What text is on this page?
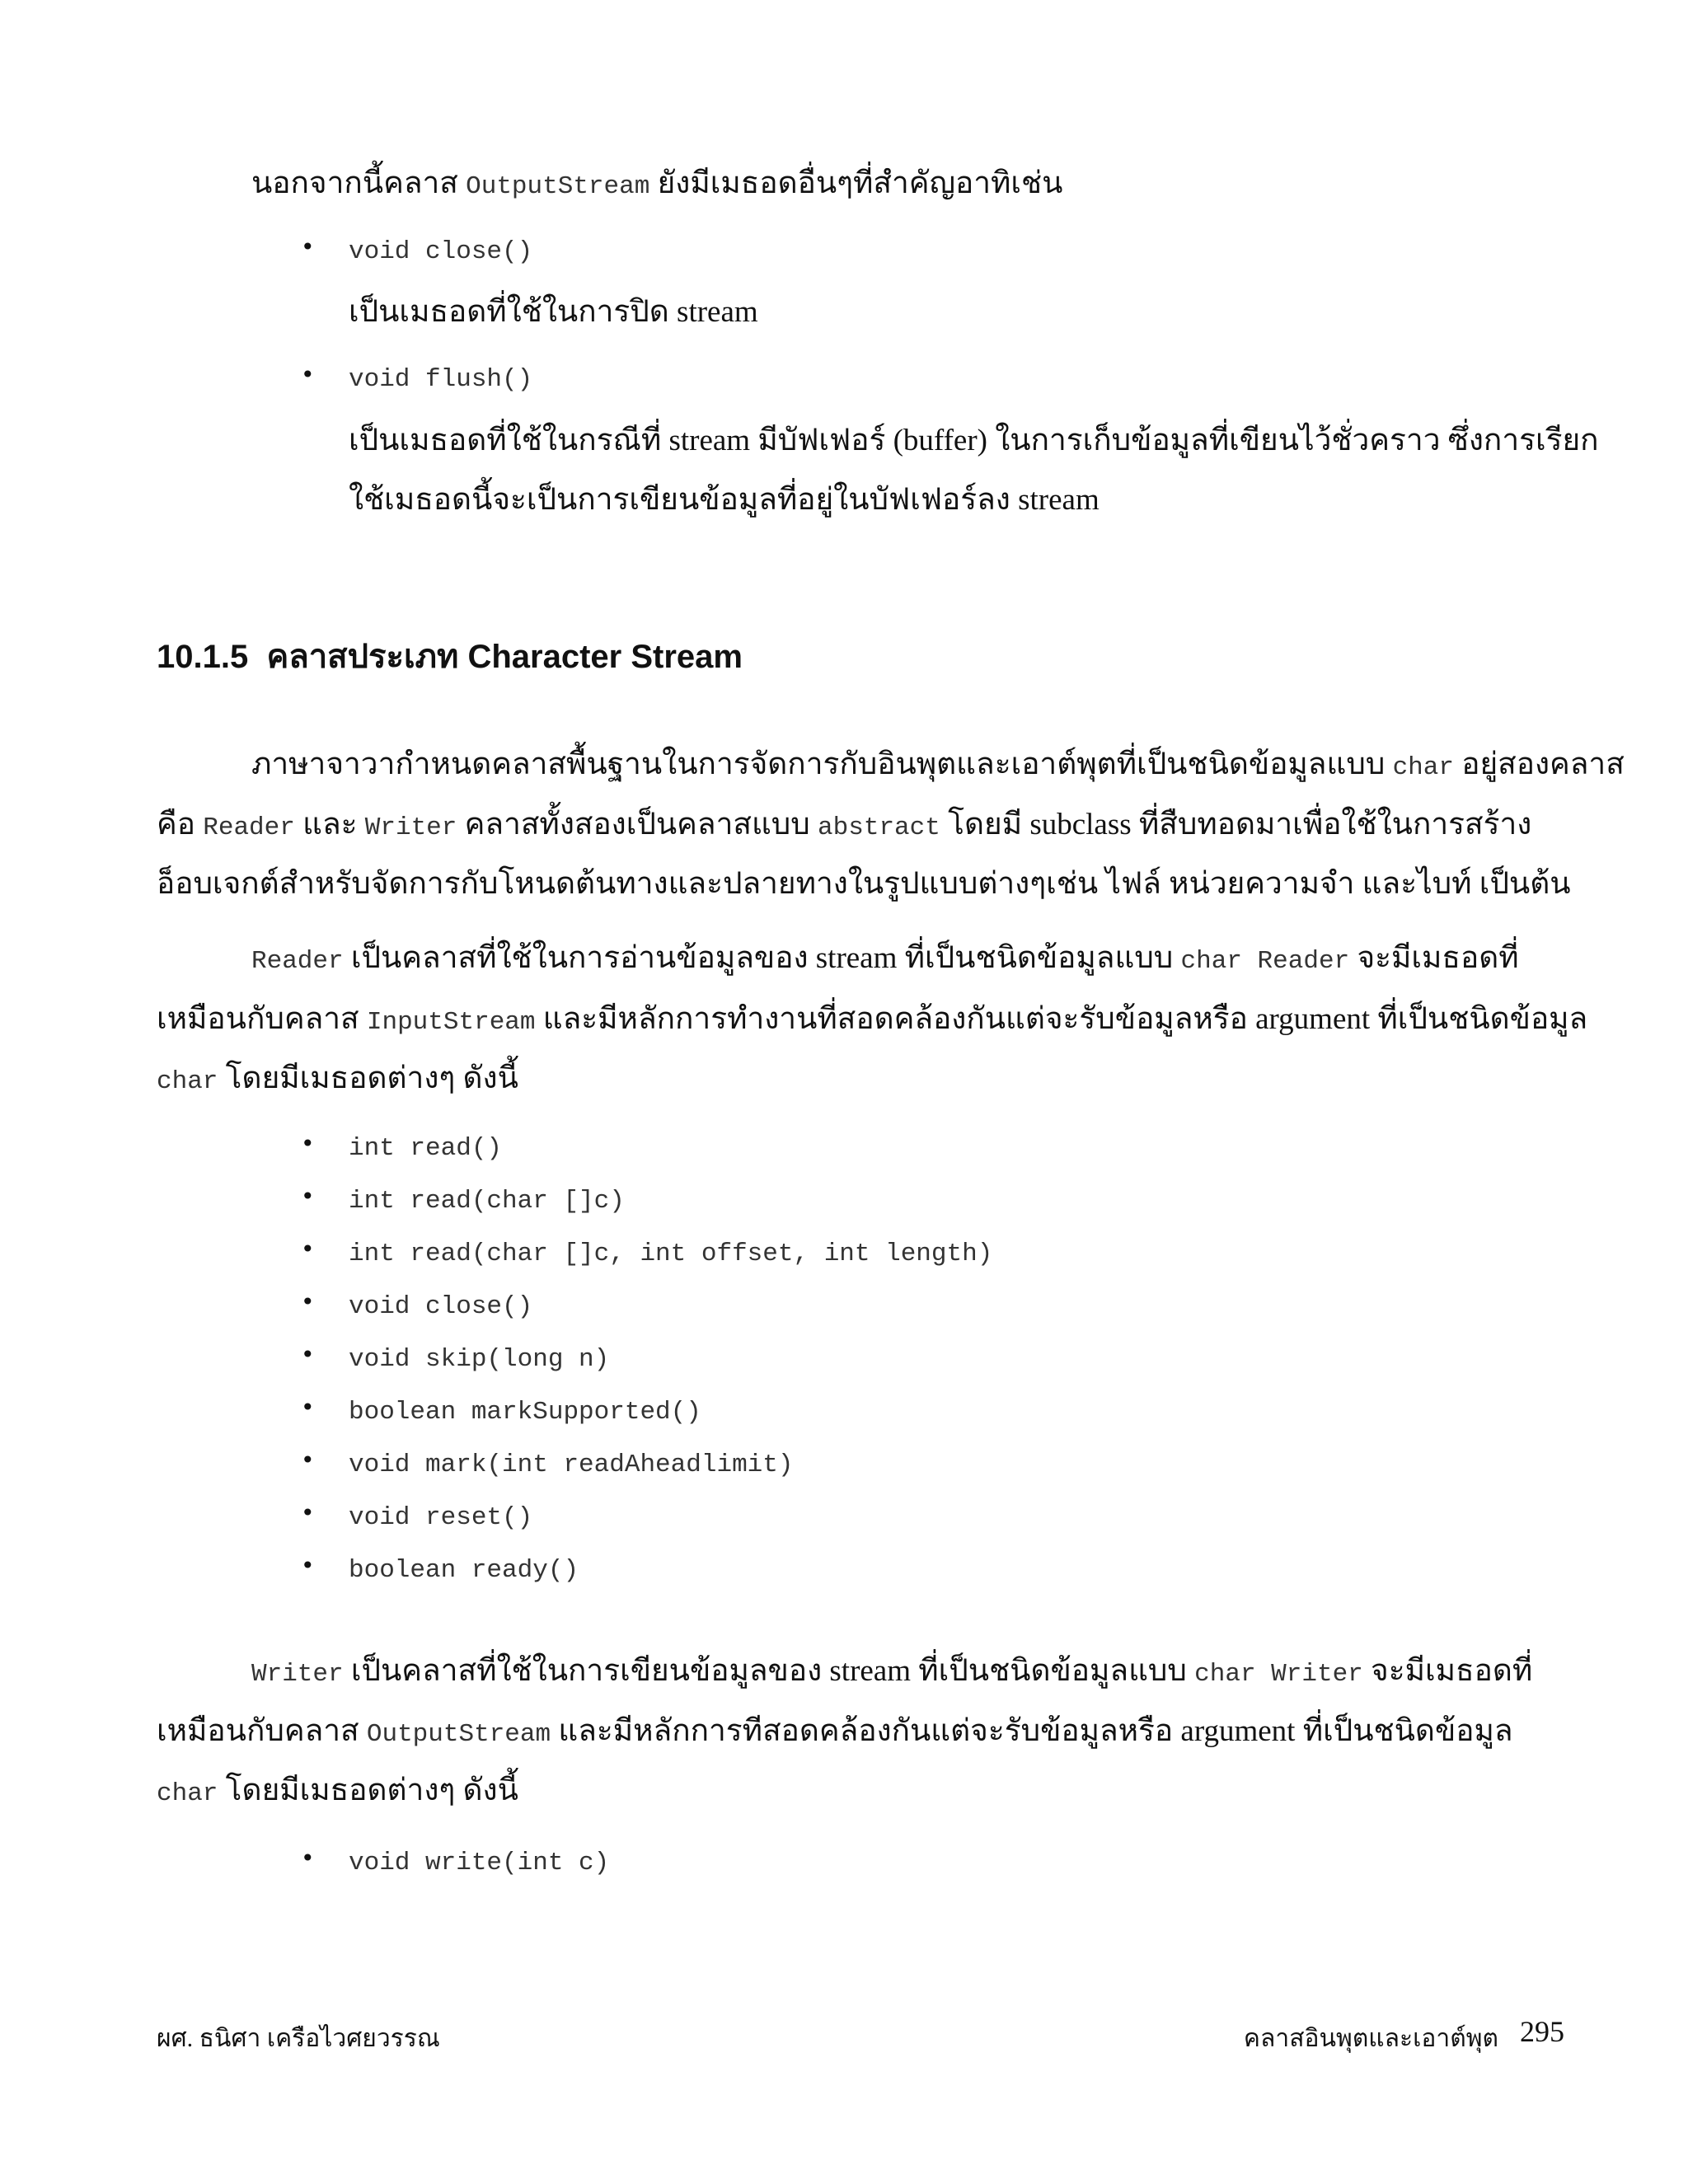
นอกจากนี้คลาส OutputStream ยังมีเมธอดอื่นๆที่สำคัญอาทิเช่น
• void close()
เป็นเมธอดที่ใช้ในการปิด stream
• void flush()
เป็นเมธอดที่ใช้ในกรณีที่ stream มีบัฟเฟอร์ (buffer) ในการเก็บข้อมูลที่เขียนไว้ชั่วคราว ซึ่งการเรียก
ใช้เมธอดนี้จะเป็นการเขียนข้อมูลที่อยู่ในบัฟเฟอร์ลง stream
10.1.5 คลาสประเภท Character Stream
ภาษาจาวากำหนดคลาสพื้นฐานในการจัดการกับอินพุตและเอาต์พุตที่เป็นชนิดข้อมูลแบบ char อยู่สองคลาส
คือ Reader และ Writer คลาสทั้งสองเป็นคลาสแบบ abstract โดยมี subclass ที่สืบทอดมาเพื่อใช้ในการสร้าง
อ็อบเจกต์สำหรับจัดการกับโหนดต้นทางและปลายทางในรูปแบบต่างๆเช่น ไฟล์ หน่วยความจำ และไบท์ เป็นต้น
Reader เป็นคลาสที่ใช้ในการอ่านข้อมูลของ stream ที่เป็นชนิดข้อมูลแบบ char Reader จะมีเมธอดที่
เหมือนกับคลาส InputStream และมีหลักการทำงานที่สอดคล้องกันแต่จะรับข้อมูลหรือ argument ที่เป็นชนิดข้อมูล
char โดยมีเมธอดต่างๆ ดังนี้
• int read()
• int read(char []c)
• int read(char []c, int offset, int length)
• void close()
• void skip(long n)
• boolean markSupported()
• void mark(int readAheadlimit)
• void reset()
• boolean ready()
Writer เป็นคลาสที่ใช้ในการเขียนข้อมูลของ stream ที่เป็นชนิดข้อมูลแบบ char Writer จะมีเมธอดที่
เหมือนกับคลาส OutputStream และมีหลักการทีสอดคล้องกันแต่จะรับข้อมูลหรือ argument ที่เป็นชนิดข้อมูล
char โดยมีเมธอดต่างๆ ดังนี้
• void write(int c)
ผศ. ธนิศา เครือไวศยวรรณ	คลาสอินพุตและเอาต์พุต 295
